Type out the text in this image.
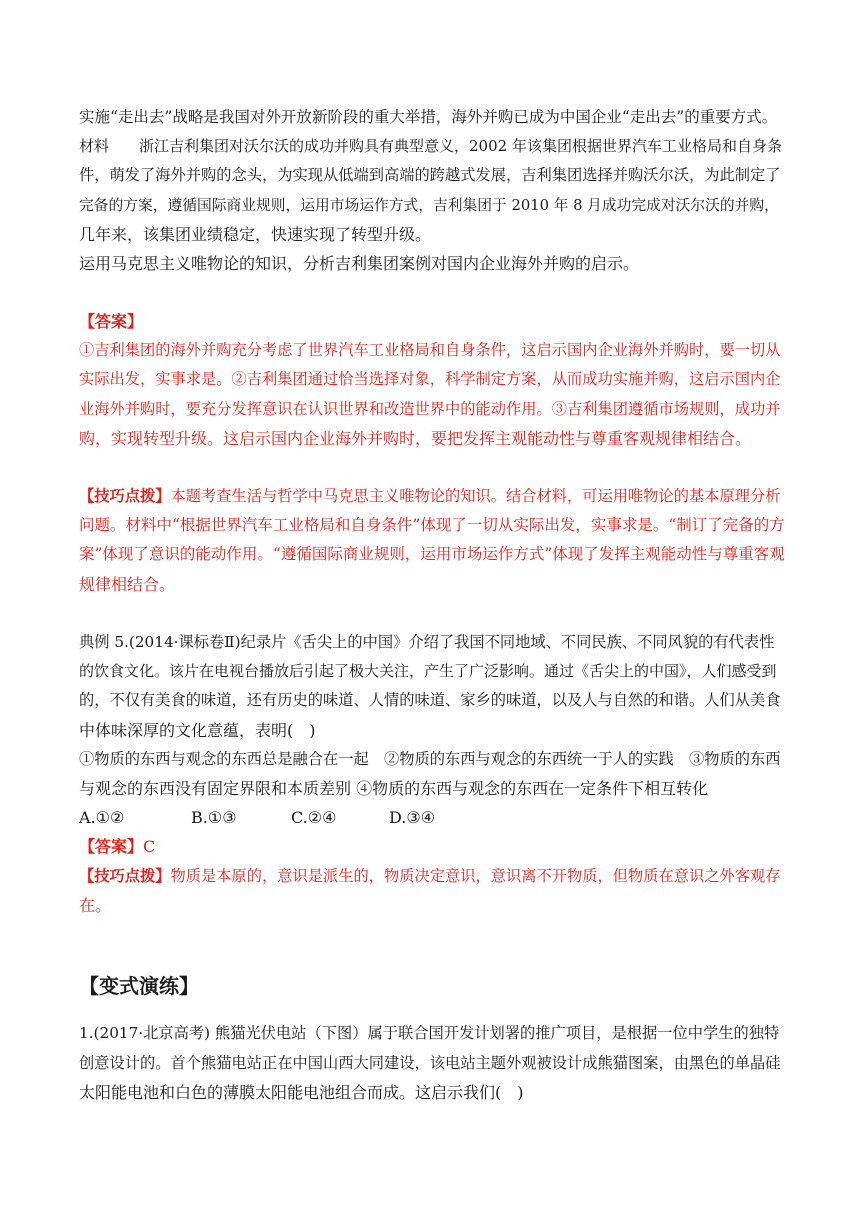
实施“走出去”战略是我国对外开放新阶段的重大举措，海外并购已成为中国企业“走出去”的重要方式。
材料　　浙江吉利集团对沃尔沃的成功并购具有典型意义，2002 年该集团根据世界汽车工业格局和自身条
件，萌发了海外并购的念头，为实现从低端到高端的跨越式发展，吉利集团选择并购沃尔沃，为此制定了
完备的方案，遵循国际商业规则，运用市场运作方式，吉利集团于 2010 年 8 月成功完成对沃尔沃的并购，
几年来，该集团业绩稳定，快速实现了转型升级。
运用马克思主义唯物论的知识，分析吉利集团案例对国内企业海外并购的启示。
【答案】
①吉利集团的海外并购充分考虑了世界汽车工业格局和自身条件，这启示国内企业海外并购时，要一切从
实际出发，实事求是。②吉利集团通过恰当选择对象，科学制定方案，从而成功实施并购，这启示国内企
业海外并购时，要充分发挥意识在认识世界和改造世界中的能动作用。③吉利集团遵循市场规则，成功并
购，实现转型升级。这启示国内企业海外并购时，要把发挥主观能动性与尊重客观规律相结合。
【技巧点拨】本题考查生活与哲学中马克思主义唯物论的知识。结合材料，可运用唯物论的基本原理分析
问题。材料中“根据世界汽车工业格局和自身条件”体现了一切从实际出发，实事求是。“制订了完备的方
案”体现了意识的能动作用。“遵循国际商业规则，运用市场运作方式”体现了发挥主观能动性与尊重客观
规律相结合。
典例 5.(2014·课标卷Ⅱ)纪录片《舌尖上的中国》介绍了我国不同地域、不同民族、不同风貌的有代表性
的饮食文化。该片在电视台播放后引起了极大关注，产生了广泛影响。通过《舌尖上的中国》，人们感受到
的，不仅有美食的味道，还有历史的味道、人情的味道、家乡的味道，以及人与自然的和谐。人们从美食
中体味深厚的文化意蕴，表明(　)
①物质的东西与观念的东西总是融合在一起　②物质的东西与观念的东西统一于人的实践　③物质的东西
与观念的东西没有固定界限和本质差别 ④物质的东西与观念的东西在一定条件下相互转化
A.①②	B.①③	C.②④	D.③④
【答案】C
【技巧点拨】物质是本原的，意识是派生的，物质决定意识，意识离不开物质，但物质在意识之外客观存
在。
【变式演练】
1.(2017·北京高考) 熊猫光伏电站（下图）属于联合国开发计划署的推广项目，是根据一位中学生的独特
创意设计的。首个熊猫电站正在中国山西大同建设，该电站主题外观被设计成熊猫图案，由黑色的单晶硅
太阳能电池和白色的薄膜太阳能电池组合而成。这启示我们(　)
